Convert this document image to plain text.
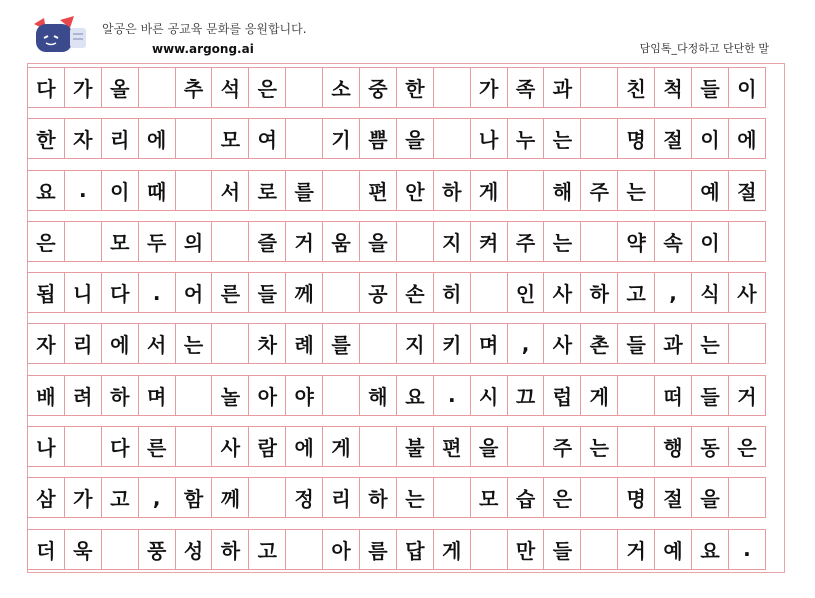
알공은 바른 공교육 문화를 응원합니다.
www.argong.ai	담임톡_다정하고 단단한 말
다 가 올	추 석 은	소 중 한	가 족 과	친 척 들 이
한 자 리 에	모 여	기 쁨 을	나 누 는	명 절 이 에
요	.	이 때	서 로 를	편 안 하 게	해 주 는	예 절
은	모 두 의	즐 거 움 을	지 켜 주 는	약 속 이
됩 니 다	.	어 른 들 께	공 손 히	인 사 하 고	,	식 사
자 리 에 서 는	차 례 를	지 키 며	,	사 촌 들 과 는
배 려 하 며	놀 아 야	해 요	.	시 끄 럽 게	떠 들 거
나	다 른	사 람 에 게	불 편 을	주 는	행 동 은
삼 가 고	,	함 께	정 리 하 는	모 습 은	명 절 을
더 욱	풍 성 하 고	아 름 답 게	만 들	거 예 요	.
